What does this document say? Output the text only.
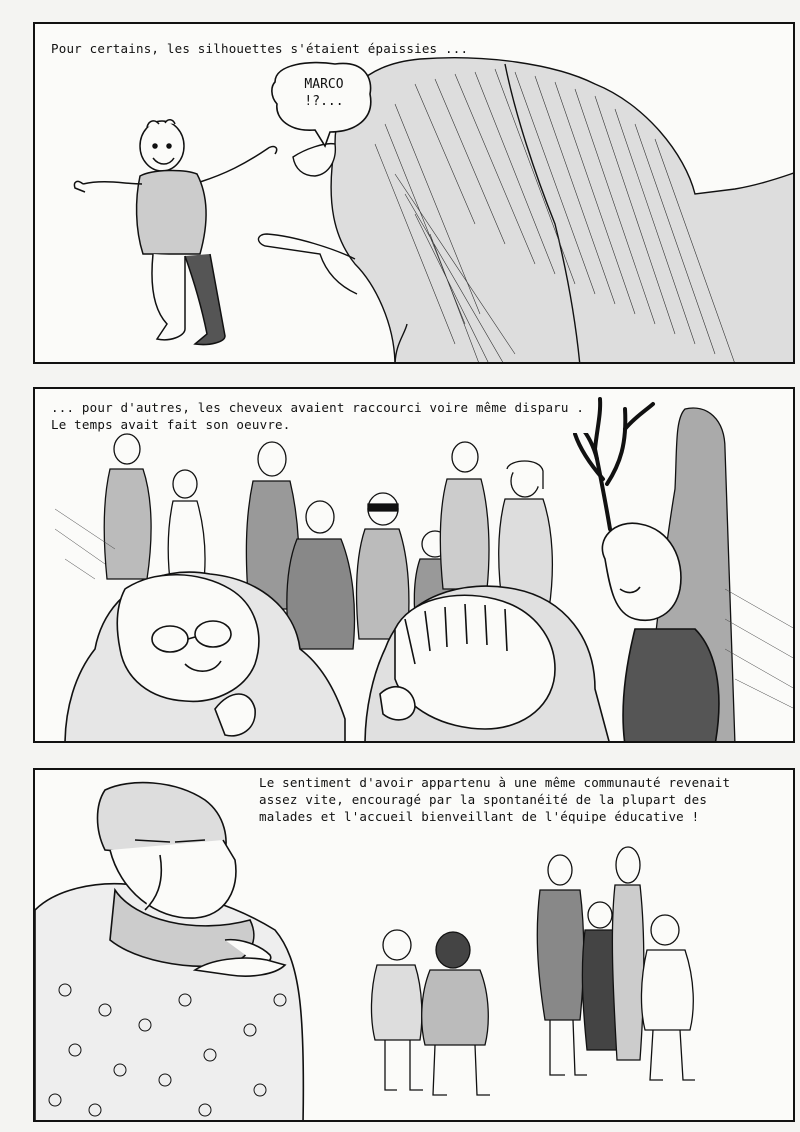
Pour certains, les silhouettes s'étaient épaissies ...
MARCO
!?...
... pour d'autres, les cheveux avaient raccourci voire même disparu .
Le temps avait fait son oeuvre.
Le sentiment d'avoir appartenu à une même communauté revenait
assez vite, encouragé par la spontanéité de la plupart des
malades et l'accueil bienveillant de l'équipe éducative !
